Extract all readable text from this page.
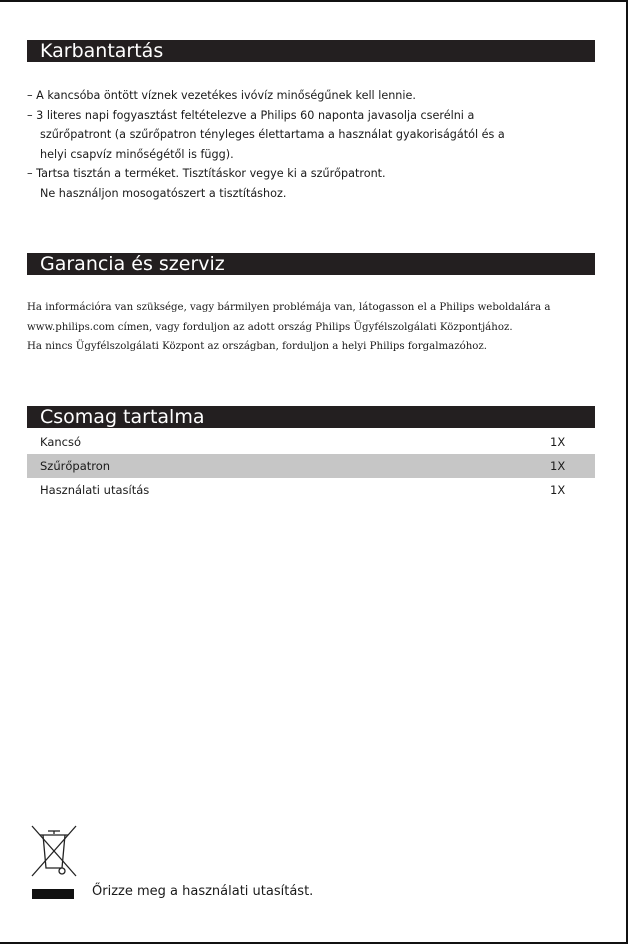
Karbantartás
– A kancsóba öntött víznek vezetékes ivóvíz minőségűnek kell lennie.
– 3 literes napi fogyasztást feltételezve a Philips 60 naponta javasolja cserélni a
szűrőpatront (a szűrőpatron tényleges élettartama a használat gyakoriságától és a
helyi csapvíz minőségétől is függ).
– Tartsa tisztán a terméket. Tisztításkor vegye ki a szűrőpatront.
Ne használjon mosogatószert a tisztításhoz.
Garancia és szerviz
Ha információra van szüksége, vagy bármilyen problémája van, látogasson el a Philips weboldalára a
www.philips.com címen, vagy forduljon az adott ország Philips Ügyfélszolgálati Központjához.
Ha nincs Ügyfélszolgálati Központ az országban, forduljon a helyi Philips forgalmazóhoz.
Csomag tartalma
Kancsó	1X
Szűrőpatron	1X
Használati utasítás	1X
Őrizze meg a használati utasítást.
